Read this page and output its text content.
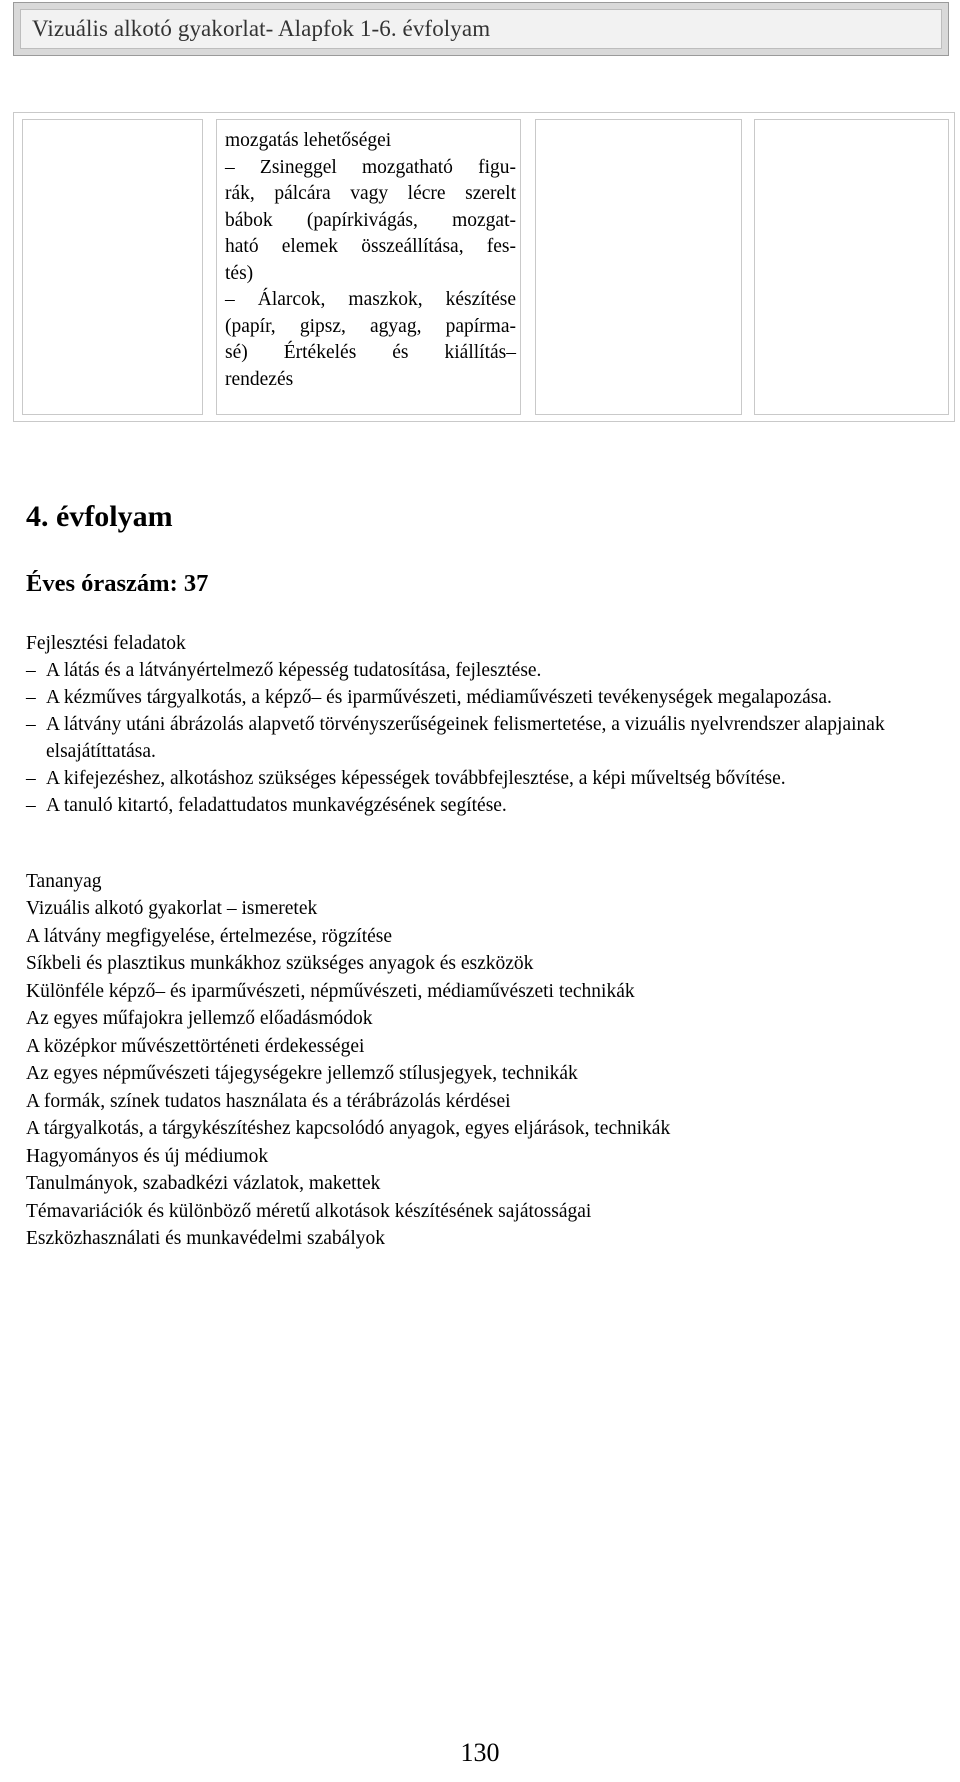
Vizuális alkotó gyakorlat- Alapfok 1-6. évfolyam
mozgatás lehetőségei
– Zsineggel mozgatható figu-
rák, pálcára vagy lécre szerelt
bábok (papírkivágás, mozgat-
ható elemek összeállítása, fes-
tés)
– Álarcok, maszkok, készítése
(papír, gipsz, agyag, papírma-
sé) Értékelés és kiállítás–
rendezés
4. évfolyam
Éves óraszám: 37
Fejlesztési feladatok
– A látás és a látványértelmező képesség tudatosítása, fejlesztése.
– A kézműves tárgyalkotás, a képző– és iparművészeti, médiaművészeti tevékenységek megalapozása.
– A látvány utáni ábrázolás alapvető törvényszerűségeinek felismertetése, a vizuális nyelvrendszer alapjainak elsajátíttatása.
– A kifejezéshez, alkotáshoz szükséges képességek továbbfejlesztése, a képi műveltség bővítése.
– A tanuló kitartó, feladattudatos munkavégzésének segítése.
Tananyag
Vizuális alkotó gyakorlat – ismeretek
A látvány megfigyelése, értelmezése, rögzítése
Síkbeli és plasztikus munkákhoz szükséges anyagok és eszközök
Különféle képző– és iparművészeti, népművészeti, médiaművészeti technikák
Az egyes műfajokra jellemző előadásmódok
A középkor művészettörténeti érdekességei
Az egyes népművészeti tájegységekre jellemző stílusjegyek, technikák
A formák, színek tudatos használata és a térábrázolás kérdései
A tárgyalkotás, a tárgykészítéshez kapcsolódó anyagok, egyes eljárások, technikák
Hagyományos és új médiumok
Tanulmányok, szabadkézi vázlatok, makettek
Témavariációk és különböző méretű alkotások készítésének sajátosságai
Eszközhasználati és munkavédelmi szabályok
130
